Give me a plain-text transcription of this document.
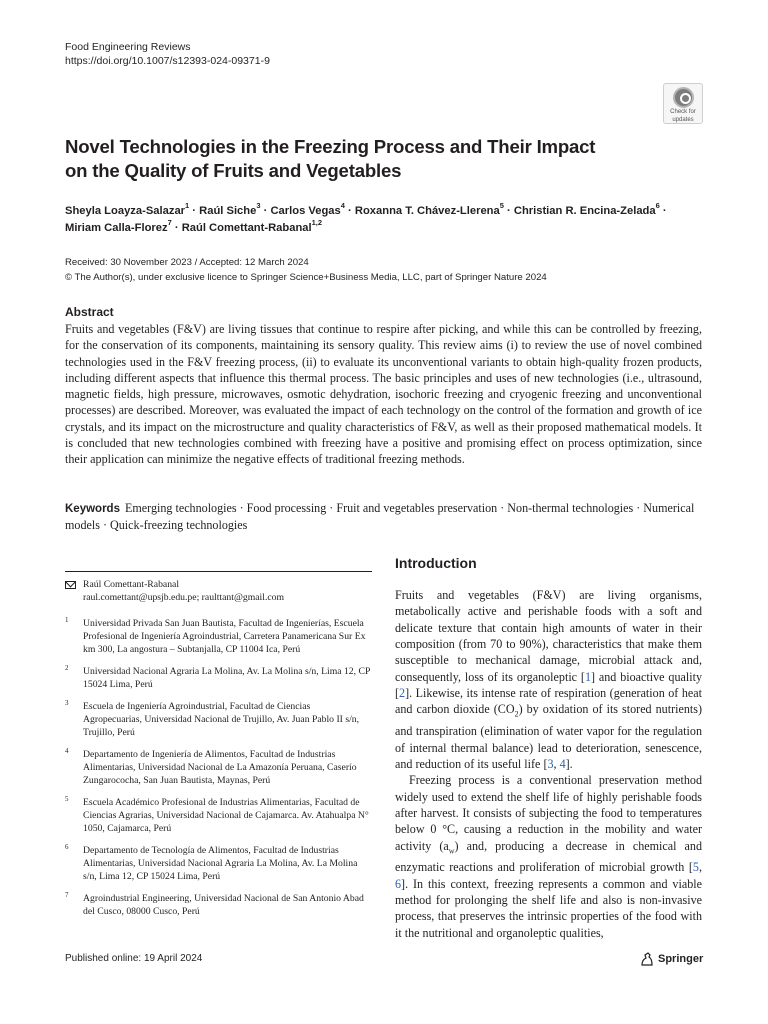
Food Engineering Reviews
https://doi.org/10.1007/s12393-024-09371-9
Check for
updates
Novel Technologies in the Freezing Process and Their Impact
on the Quality of Fruits and Vegetables
Sheyla Loayza-Salazar$^1$ · Raúl Siche$^3$ · Carlos Vegas$^4$ · Roxanna T. Chávez-Llerena$^5$ · Christian R. Encina-Zelada$^6$ ·
Miriam Calla-Florez$^7$ · Raúl Comettant-Rabanal$^{1,2}$
Received: 30 November 2023 / Accepted: 12 March 2024
© The Author(s), under exclusive licence to Springer Science+Business Media, LLC, part of Springer Nature 2024
Abstract
Fruits and vegetables (F&V) are living tissues that continue to respire after picking, and while this can be controlled by freezing, for the conservation of its components, maintaining its sensory quality. This review aims (i) to review the use of novel combined technologies used in the F&V freezing process, (ii) to evaluate its unconventional variants to obtain high-quality frozen products, including different aspects that influence this thermal process. The basic principles and uses of new technologies (i.e., ultrasound, magnetic fields, high pressure, microwaves, osmotic dehydration, isochoric freezing and cryogenic freezing and unconventional processes) are described. Moreover, was evaluated the impact of each technology on the control of the formation and growth of ice crystals, and its impact on the microstructure and quality characteristics of F&V, as well as their proposed mathematical models. It is concluded that new technologies combined with freezing have a positive and promising effect on process optimization, since their application can minimize the negative effects of traditional freezing methods.
Keywords Emerging technologies · Food processing · Fruit and vegetables preservation · Non-thermal technologies · Numerical models · Quick-freezing technologies
Raúl Comettant-Rabanal
raul.comettant@upsjb.edu.pe; raulttant@gmail.com
1 Universidad Privada San Juan Bautista, Facultad de Ingenierías, Escuela Profesional de Ingeniería Agroindustrial, Carretera Panamericana Sur Ex km 300, La angostura – Subtanjalla, CP 11004 Ica, Perú
2 Universidad Nacional Agraria La Molina, Av. La Molina s/n, Lima 12, CP 15024 Lima, Perú
3 Escuela de Ingeniería Agroindustrial, Facultad de Ciencias Agropecuarias, Universidad Nacional de Trujillo, Av. Juan Pablo II s/n, Trujillo, Perú
4 Departamento de Ingeniería de Alimentos, Facultad de Industrias Alimentarias, Universidad Nacional de La Amazonía Peruana, Caserío Zungarococha, San Juan Bautista, Maynas, Perú
5 Escuela Académico Profesional de Industrias Alimentarias, Facultad de Ciencias Agrarias, Universidad Nacional de Cajamarca. Av. Atahualpa N° 1050, Cajamarca, Perú
6 Departamento de Tecnología de Alimentos, Facultad de Industrias Alimentarias, Universidad Nacional Agraria La Molina, Av. La Molina s/n, Lima 12, CP 15024 Lima, Perú
7 Agroindustrial Engineering, Universidad Nacional de San Antonio Abad del Cusco, 08000 Cusco, Perú
Introduction

Fruits and vegetables (F&V) are living organisms, metabolically active and perishable foods with a soft and delicate texture that contain high amounts of water in their composition (from 70 to 90%), characteristics that make them susceptible to mechanical damage, microbial attack and, consequently, loss of its organoleptic [1] and bioactive quality [2]. Likewise, its intense rate of respiration (generation of heat and carbon dioxide $(CO_2)$ by oxidation of its stored nutrients) and transpiration (elimination of water vapor for the regulation of internal thermal balance) lead to deterioration, senescence, and reduction of its useful life [3, 4].

Freezing process is a conventional preservation method widely used to extend the shelf life of highly perishable foods after harvest. It consists of subjecting the food to temperatures below 0 °C, causing a reduction in the mobility and water activity $(a_w)$ and, producing a decrease in chemical and enzymatic reactions and proliferation of microbial growth [5, 6]. In this context, freezing represents a common and viable method for prolonging the shelf life and also is non-invasive process, that preserves the intrinsic properties of the food with it the nutritional and organoleptic qualities,

Published online: 19 April 2024	Springer
